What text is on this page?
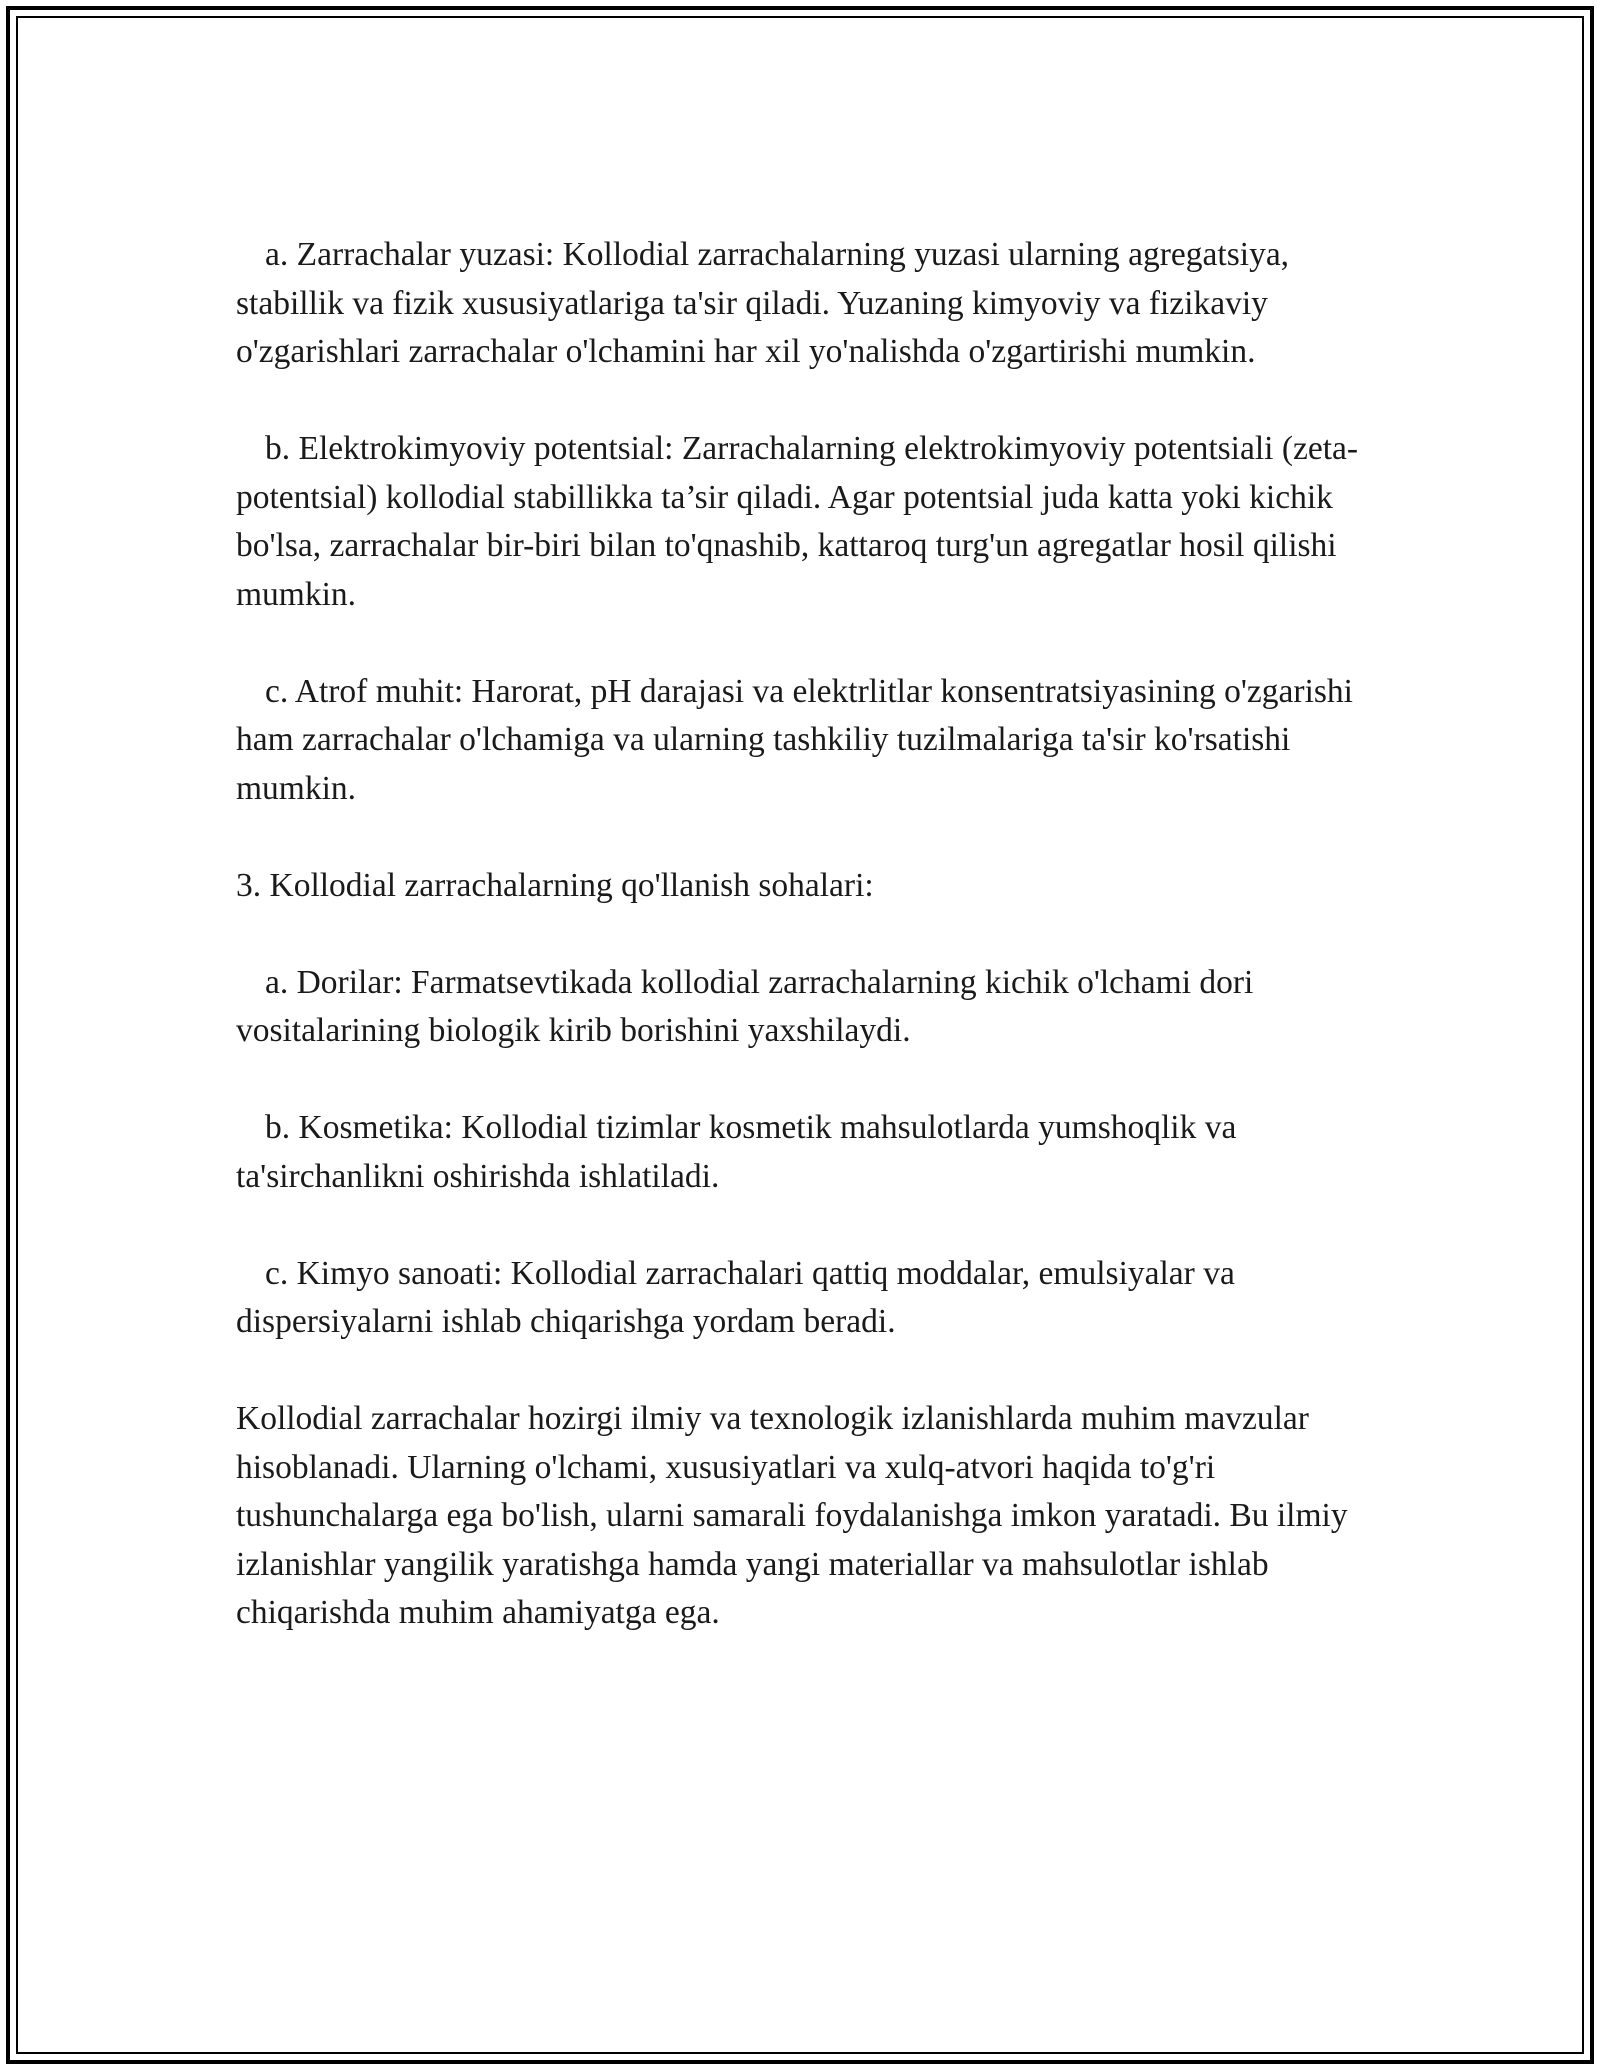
a. Zarrachalar yuzasi: Kollodial zarrachalarning yuzasi ularning agregatsiya, stabillik va fizik xususiyatlariga ta'sir qiladi. Yuzaning kimyoviy va fizikaviy o'zgarishlari zarrachalar o'lchamini har xil yo'nalishda o'zgartirishi mumkin.

b. Elektrokimyoviy potentsial: Zarrachalarning elektrokimyoviy potentsiali (zeta-potentsial) kollodial stabillikka ta’sir qiladi. Agar potentsial juda katta yoki kichik bo'lsa, zarrachalar bir-biri bilan to'qnashib, kattaroq turg'un agregatlar hosil qilishi mumkin.

c. Atrof muhit: Harorat, pH darajasi va elektrlitlar konsentratsiyasining o'zgarishi ham zarrachalar o'lchamiga va ularning tashkiliy tuzilmalariga ta'sir ko'rsatishi mumkin.

3. Kollodial zarrachalarning qo'llanish sohalari:

a. Dorilar: Farmatsevtikada kollodial zarrachalarning kichik o'lchami dori vositalarining biologik kirib borishini yaxshilaydi.

b. Kosmetika: Kollodial tizimlar kosmetik mahsulotlarda yumshoqlik va ta'sirchanlikni oshirishda ishlatiladi.

c. Kimyo sanoati: Kollodial zarrachalari qattiq moddalar, emulsiyalar va dispersiyalarni ishlab chiqarishga yordam beradi.

Kollodial zarrachalar hozirgi ilmiy va texnologik izlanishlarda muhim mavzular hisoblanadi. Ularning o'lchami, xususiyatlari va xulq-atvori haqida to'g'ri tushunchalarga ega bo'lish, ularni samarali foydalanishga imkon yaratadi. Bu ilmiy izlanishlar yangilik yaratishga hamda yangi materiallar va mahsulotlar ishlab chiqarishda muhim ahamiyatga ega.
